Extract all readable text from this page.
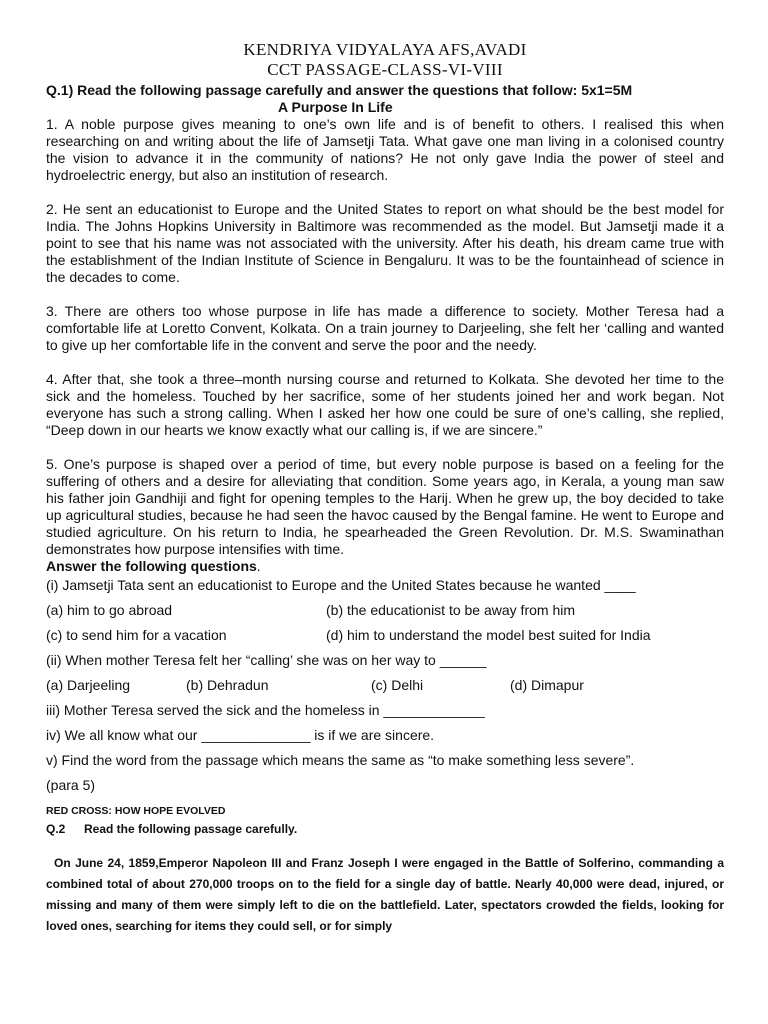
KENDRIYA VIDYALAYA AFS,AVADI
CCT PASSAGE-CLASS-VI-VIII
Q.1) Read the following passage carefully and answer the questions that follow: 5x1=5M
A Purpose In Life

1. A noble purpose gives meaning to one’s own life and is of benefit to others. I realised this when researching on and writing about the life of Jamsetji Tata. What gave one man living in a colonised country the vision to advance it in the community of nations? He not only gave India the power of steel and hydroelectric energy, but also an institution of research.

2. He sent an educationist to Europe and the United States to report on what should be the best model for India. The Johns Hopkins University in Baltimore was recommended as the model. But Jamsetji made it a point to see that his name was not associated with the university. After his death, his dream came true with the establishment of the Indian Institute of Science in Bengaluru. It was to be the fountainhead of science in the decades to come.

3. There are others too whose purpose in life has made a difference to society. Mother Teresa had a comfortable life at Loretto Convent, Kolkata. On a train journey to Darjeeling, she felt her ‘calling and wanted to give up her comfortable life in the convent and serve the poor and the needy.

4. After that, she took a three–month nursing course and returned to Kolkata. She devoted her time to the sick and the homeless. Touched by her sacrifice, some of her students joined her and work began. Not everyone has such a strong calling. When I asked her how one could be sure of one’s calling, she replied, “Deep down in our hearts we know exactly what our calling is, if we are sincere.”

5. One’s purpose is shaped over a period of time, but every noble purpose is based on a feeling for the suffering of others and a desire for alleviating that condition. Some years ago, in Kerala, a young man saw his father join Gandhiji and fight for opening temples to the Harij. When he grew up, the boy decided to take up agricultural studies, because he had seen the havoc caused by the Bengal famine. He went to Europe and studied agriculture. On his return to India, he spearheaded the Green Revolution. Dr. M.S. Swaminathan demonstrates how purpose intensifies with time.

Answer the following questions.
(i) Jamsetji Tata sent an educationist to Europe and the United States because he wanted ____
(a) him to go abroad	(b) the educationist to be away from him
(c) to send him for a vacation	(d) him to understand the model best suited for India
(ii) When mother Teresa felt her “calling’ she was on her way to ______
(a) Darjeeling	(b) Dehradun	(c) Delhi	(d) Dimapur
iii) Mother Teresa served the sick and the homeless in _____________
iv) We all know what our ______________ is if we are sincere.
v) Find the word from the passage which means the same as “to make something less severe”.
(para 5)
RED CROSS: HOW HOPE EVOLVED
Q.2 Read the following passage carefully.

On June 24, 1859,Emperor Napoleon III and Franz Joseph I were engaged in the Battle of Solferino, commanding a combined total of about 270,000 troops on to the field for a single day of battle. Nearly 40,000 were dead, injured, or missing and many of them were simply left to die on the battlefield. Later, spectators crowded the fields, looking for loved ones, searching for items they could sell, or for simply
